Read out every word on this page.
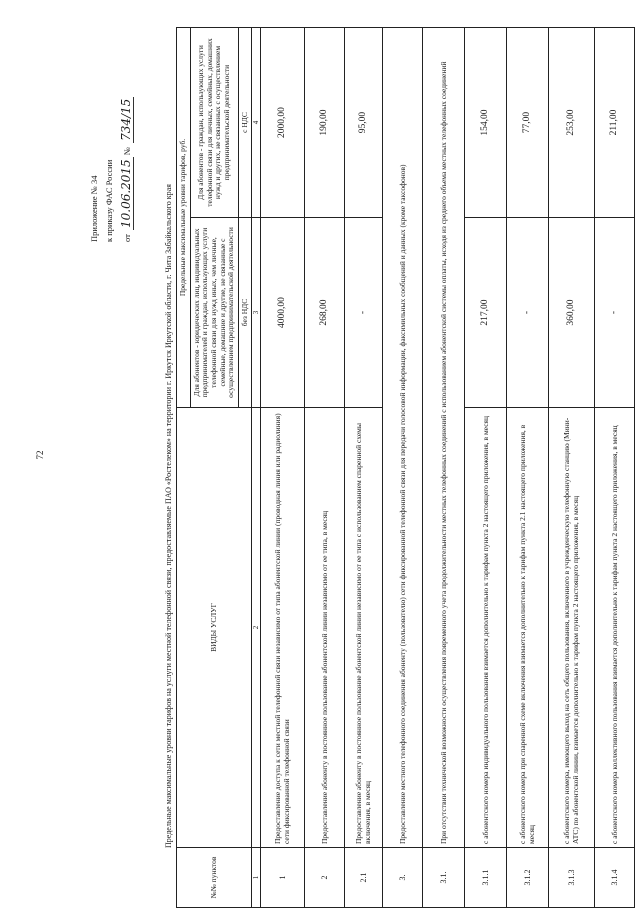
72
Приложение № 34 к приказу ФАС России от 10.06.2015 № 734/15
Предельные максимальные уровни тарифов на услуги местной телефонной связи, предоставляемые ПАО «Ростелеком» на территории г. Иркутск Иркутской области, г. Чита Забайкальского края
№№ пунктов	ВИДЫ УСЛУГ	Предельные максимальные уровни тарифов, руб.	
		Для абонентов - юридических лиц, индивидуальных предпринимателей и граждан, использующих услуги телефонной связи для нужд иных, чем личные, семейные, домашние и другие, не связанные с осуществлением предпринимательской деятельности	Для абонентов - граждан, использующих услуги телефонной связи для личных, семейных, домашних нужд и других, не связанных с осуществлением предпринимательской деятельности
		без НДС	с НДС
1	2	3	4
1	Предоставление доступа к сети местной телефонной связи независимо от типа абонентской линии (проводная линия или радиолиния) сети фиксированной телефонной связи	4000,00	2000,00
2	Предоставление абоненту в постоянное пользование абонентской линии независимо от ее типа, в месяц	268,00	190,00
2.1	Предоставление абоненту в постоянное пользование абонентской линии независимо от ее типа с использованием спаренной схемы включения, в месяц	-	95,00
3.	Предоставление местного телефонного соединения абоненту (пользователю) сети фиксированной телефонной связи для передачи голосовой информации, факсимильных сообщений и данных (кроме таксофонов)		
3.1.	При отсутствии технической возможности осуществления повременного учета продолжительности местных телефонных соединений с использованием абонентской системы оплаты, исходя из среднего объема местных телефонных соединений		
3.1.1	с абонентского номера индивидуального пользования взимается дополнительно к тарифам пункта 2 настоящего приложения, в месяц	217,00	154,00
3.1.2	с абонентского номера при спаренной схеме включения взимается дополнительно к тарифам пункта 2.1 настоящего приложения, в месяц	-	77,00
3.1.3	с абонентского номера, имеющего выход на сеть общего пользования, включенного в учрежденческую телефонную станцию (Мини-АТС) по абонентской линии, взимается дополнительно к тарифам пункта 2 настоящего приложения, в месяц	360,00	253,00
3.1.4	с абонентского номера коллективного пользования взимается дополнительно к тарифам пункта 2 настоящего приложения, в месяц	-	211,00
